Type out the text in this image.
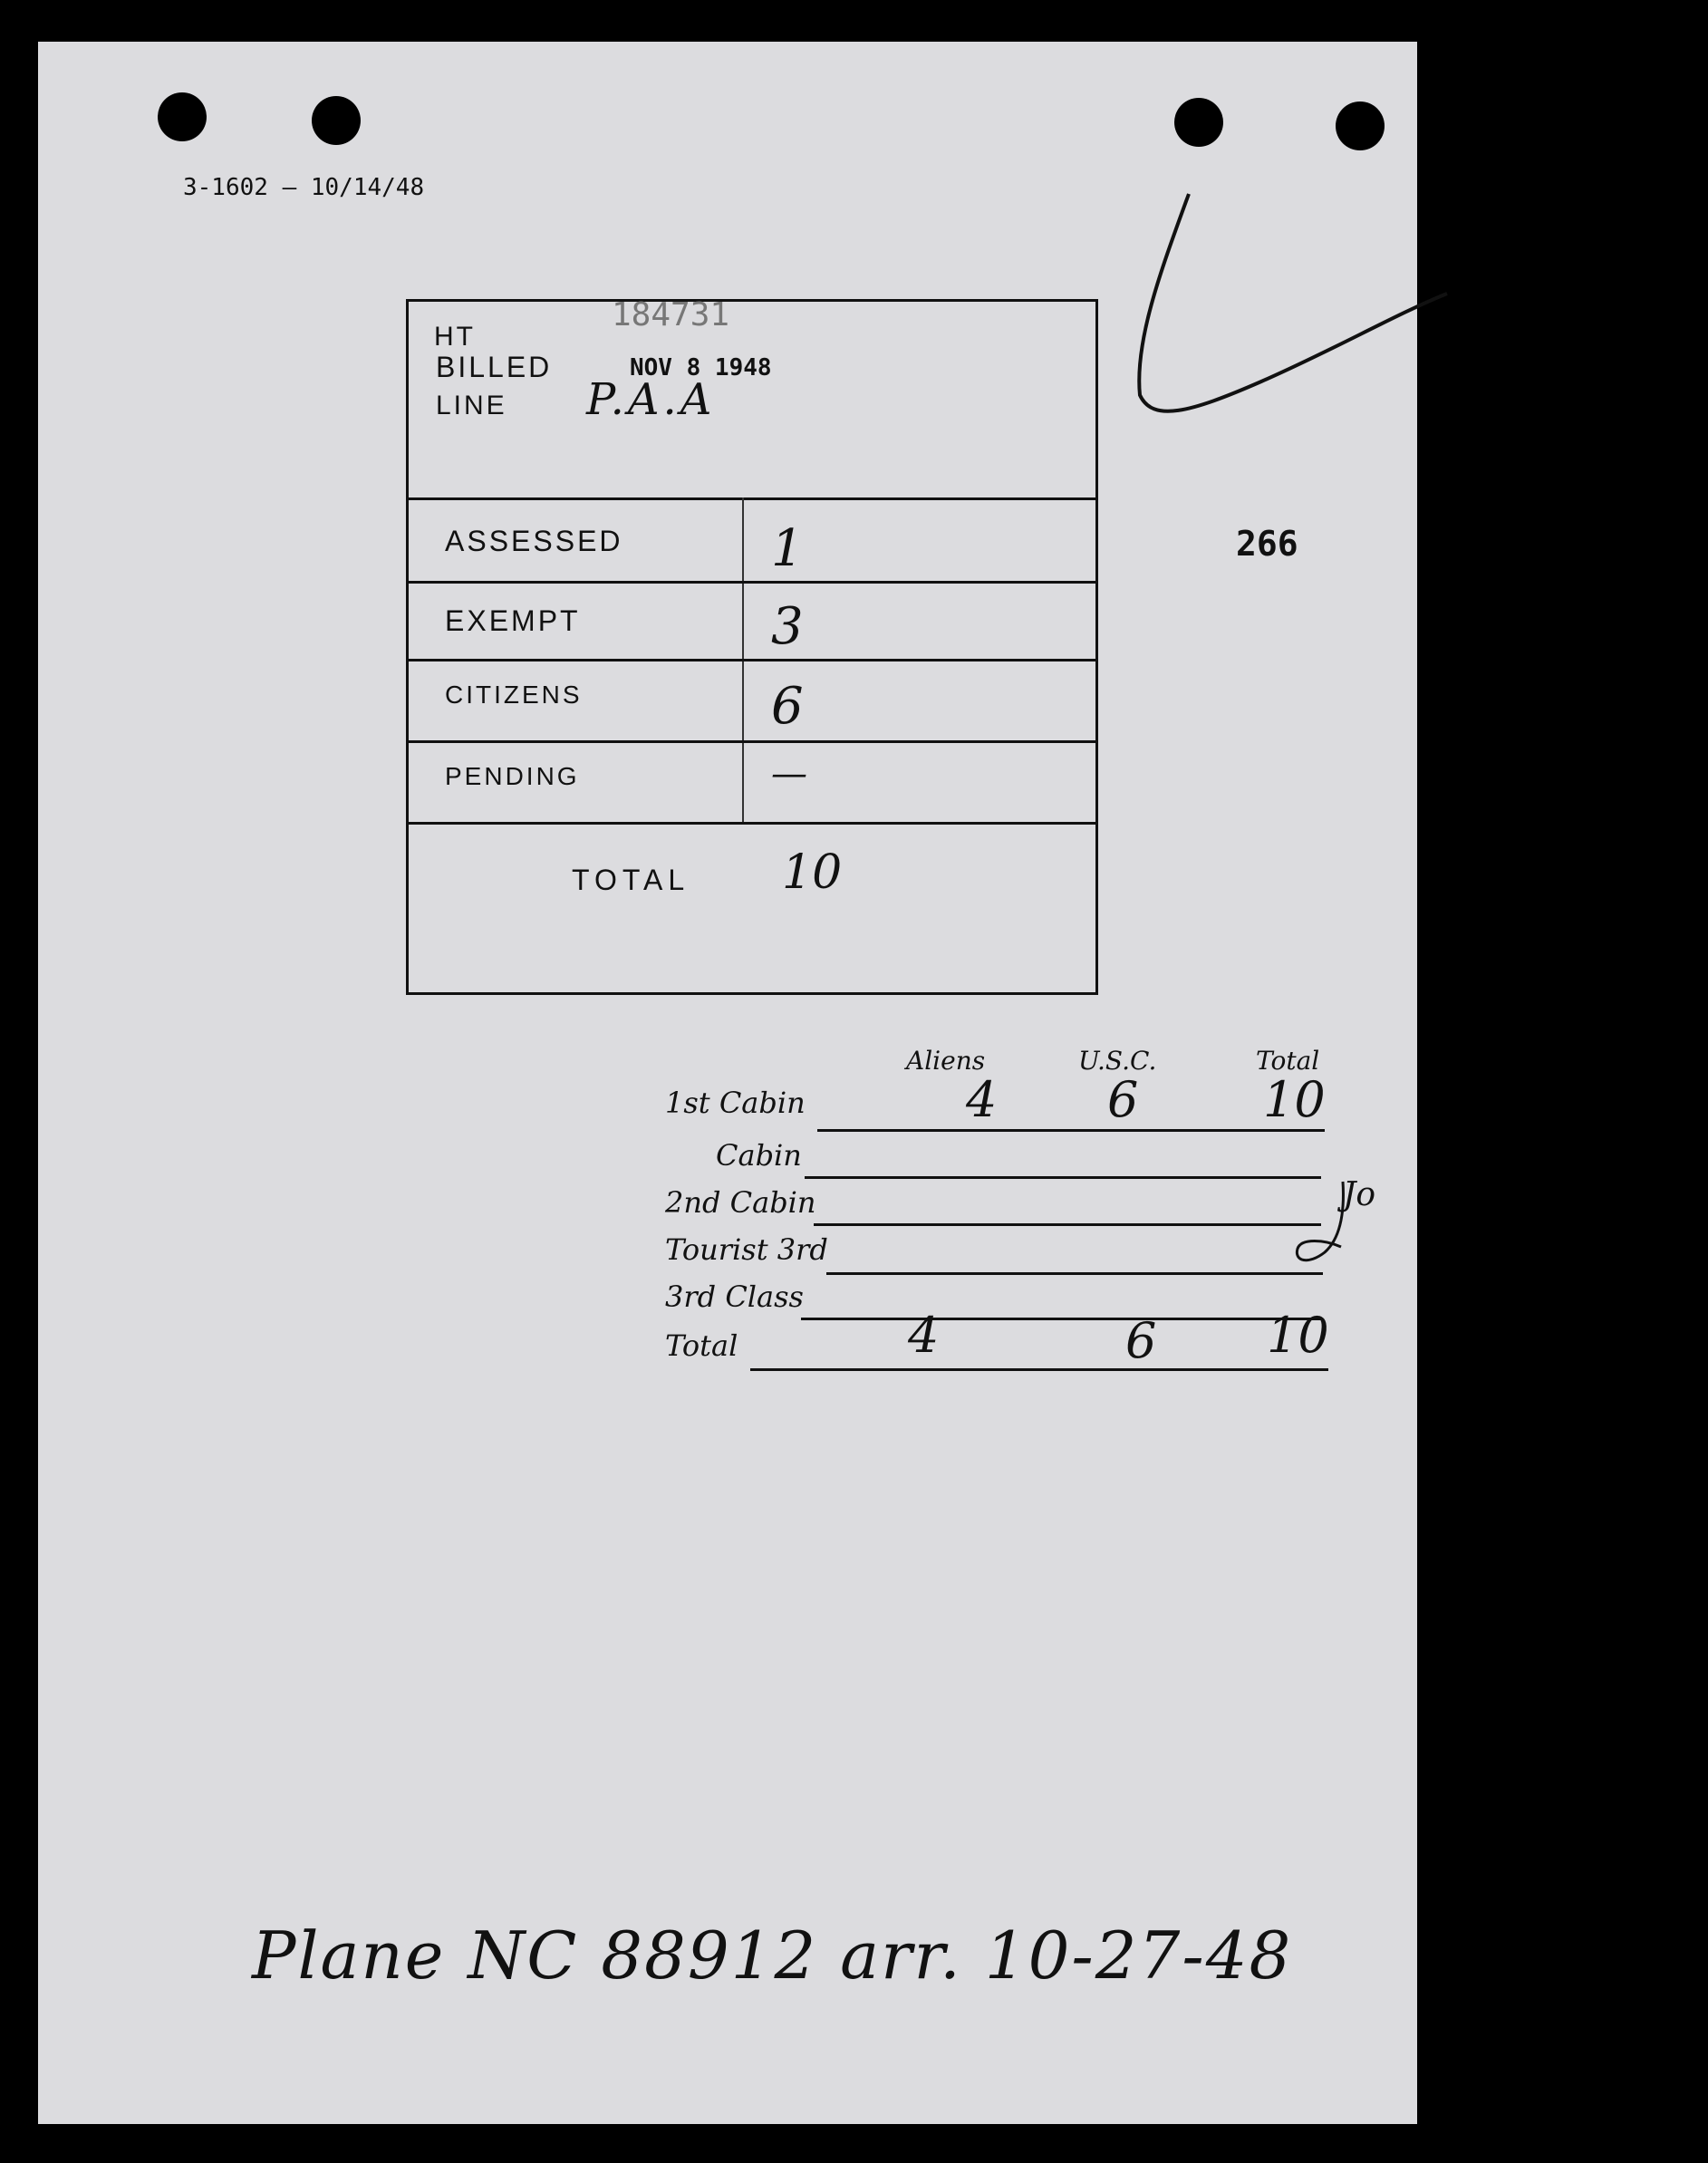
3-1602 — 10/14/48
266
184731
HT
BILLED	NOV 8 1948
LINE P.A.A
ASSESSED	1
EXEMPT	3
CITIZENS	6
PENDING	—
TOTAL 10
Aliens	U.S.C.	Total
1st Cabin	4 6	10
Cabin
2nd Cabin
Tourist 3rd
3rd Class
Total	4	6 10
Jo
Plane NC 88912 arr. 10-27-48
